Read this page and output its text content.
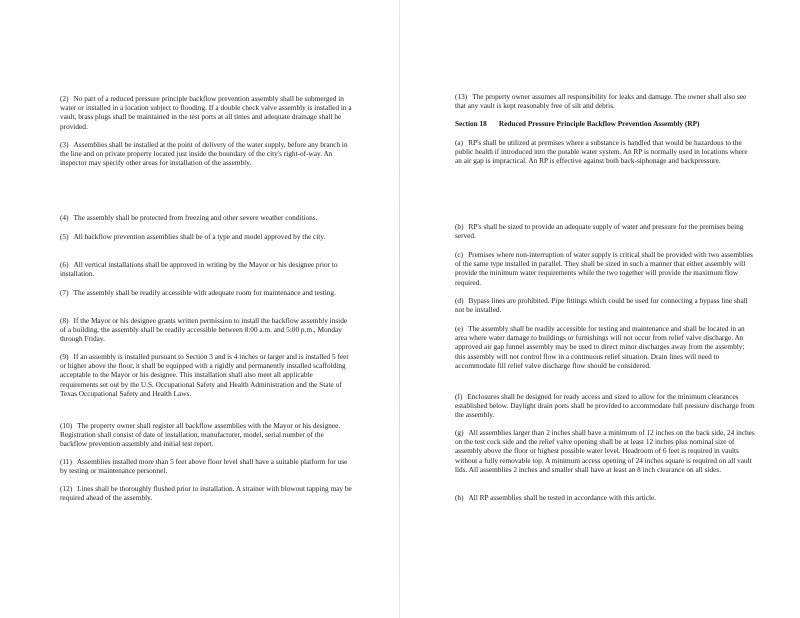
(2) No part of a reduced pressure principle backflow prevention assembly shall be submerged in water or installed in a location subject to flooding. If a double check valve assembly is installed in a vault, brass plugs shall be maintained in the test ports at all times and adequate drainage shall be provided.

(3) Assemblies shall be installed at the point of delivery of the water supply, before any branch in the line and on private property located just inside the boundary of the city's right-of-way. An inspector may specify other areas for installation of the assembly.

(4) The assembly shall be protected from freezing and other severe weather conditions.

(5) All backflow prevention assemblies shall be of a type and model approved by the city.

(6) All vertical installations shall be approved in writing by the Mayor or his designee prior to installation.

(7) The assembly shall be readily accessible with adequate room for maintenance and testing.

(8) If the Mayor or his designee grants written permission to install the backflow assembly inside of a building, the assembly shall be readily accessible between 8:00 a.m. and 5:00 p.m., Monday through Friday.

(9) If an assembly is installed pursuant to Section 3 and is 4 inches or larger and is installed 5 feet or higher above the floor, it shall be equipped with a rigidly and permanently installed scaffolding acceptable to the Mayor or his designee. This installation shall also meet all applicable requirements set out by the U.S. Occupational Safety and Health Administration and the State of Texas Occupational Safety and Health Laws.

(10) The property owner shall register all backflow assemblies with the Mayor or his designee. Registration shall consist of date of installation, manufacturer, model, serial number of the backflow prevention assembly and initial test report.

(11) Assemblies installed more than 5 feet above floor level shall have a suitable platform for use by testing or maintenance personnel.

(12) Lines shall be thoroughly flushed prior to installation. A strainer with blowout tapping may be required ahead of the assembly.

(13) The property owner assumes all responsibility for leaks and damage. The owner shall also see that any vault is kept reasonably free of silt and debris.

Section 18 Reduced Pressure Principle Backflow Prevention Assembly (RP)

(a) RP's shall be utilized at premises where a substance is handled that would be hazardous to the public health if introduced into the potable water system. An RP is normally used in locations where an air gap is impractical. An RP is effective against both back-siphonage and backpressure.

(b) RP's shall be sized to provide an adequate supply of water and pressure for the premises being served.

(c) Premises where non-interruption of water supply is critical shall be provided with two assemblies of the same type installed in parallel. They shall be sized in such a manner that either assembly will provide the minimum water requirements while the two together will provide the maximum flow required.

(d) Bypass lines are prohibited. Pipe fittings which could be used for connecting a bypass line shall not be installed.

(e) The assembly shall be readily accessible for testing and maintenance and shall be located in an area where water damage to buildings or furnishings will not occur from relief valve discharge. An approved air gap funnel assembly may be used to direct minor discharges away from the assembly; this assembly will not control flow in a continuous relief situation. Drain lines will need to accommodate fill relief valve discharge flow should be considered.

(f) Enclosures shall be designed for ready access and sized to allow for the minimum clearances established below. Daylight drain ports shall be provided to accommodate full pressure discharge from the assembly.

(g) All assemblies larger than 2 inches shall have a minimum of 12 inches on the back side, 24 inches on the test cock side and the relief valve opening shall be at least 12 inches plus nominal size of assembly above the floor or highest possible water level. Headroom of 6 feet is required in vaults without a fully removable top. A minimum access opening of 24 inches square is required on all vault lids. All assemblies 2 inches and smaller shall have at least an 8 inch clearance on all sides.

(h) All RP assemblies shall be tested in accordance with this article.
